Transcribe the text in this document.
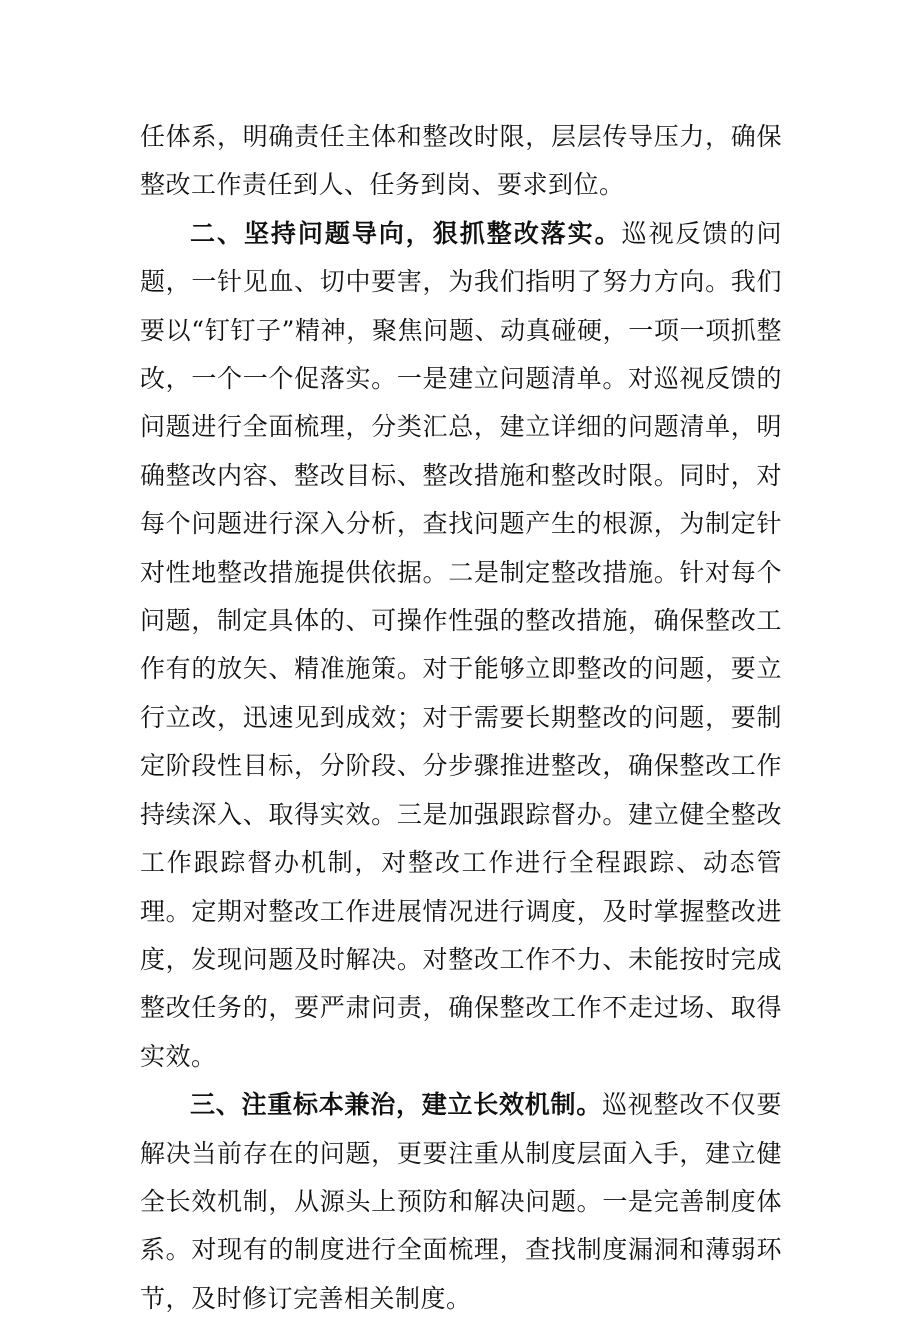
任体系，明确责任主体和整改时限，层层传导压力，确保整改工作责任到人、任务到岗、要求到位。

二、坚持问题导向，狠抓整改落实。巡视反馈的问题，一针见血、切中要害，为我们指明了努力方向。我们要以“钉钉子”精神，聚焦问题、动真碰硬，一项一项抓整改，一个一个促落实。一是建立问题清单。对巡视反馈的问题进行全面梳理，分类汇总，建立详细的问题清单，明确整改内容、整改目标、整改措施和整改时限。同时，对每个问题进行深入分析，查找问题产生的根源，为制定针对性地整改措施提供依据。二是制定整改措施。针对每个问题，制定具体的、可操作性强的整改措施，确保整改工作有的放矢、精准施策。对于能够立即整改的问题，要立行立改，迅速见到成效；对于需要长期整改的问题，要制定阶段性目标，分阶段、分步骤推进整改，确保整改工作持续深入、取得实效。三是加强跟踪督办。建立健全整改工作跟踪督办机制，对整改工作进行全程跟踪、动态管理。定期对整改工作进展情况进行调度，及时掌握整改进度，发现问题及时解决。对整改工作不力、未能按时完成整改任务的，要严肃问责，确保整改工作不走过场、取得实效。

三、注重标本兼治，建立长效机制。巡视整改不仅要解决当前存在的问题，更要注重从制度层面入手，建立健全长效机制，从源头上预防和解决问题。一是完善制度体系。对现有的制度进行全面梳理，查找制度漏洞和薄弱环节，及时修订完善相关制度。
